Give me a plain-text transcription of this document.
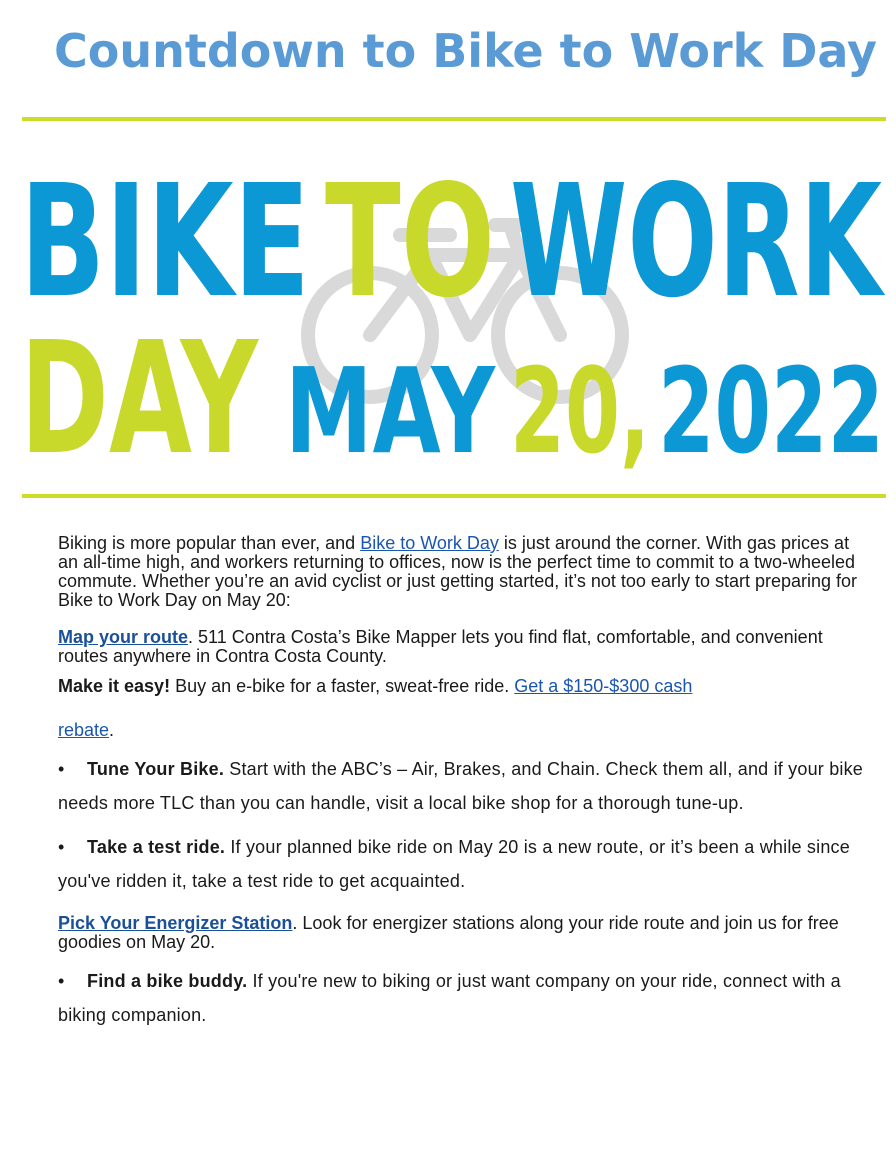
Countdown to Bike to Work Day
BIKE TO WORK
DAY MAY 20, 2022

Biking is more popular than ever, and Bike to Work Day is just around the corner. With gas prices at an all-time high, and workers returning to offices, now is the perfect time to commit to a two-wheeled commute. Whether you’re an avid cyclist or just getting started, it’s not too early to start preparing for Bike to Work Day on May 20:

Map your route. 511 Contra Costa’s Bike Mapper lets you find flat, comfortable, and convenient routes anywhere in Contra Costa County.

Make it easy! Buy an e-bike for a faster, sweat-free ride. Get a $150-$300 cash

rebate.

• Tune Your Bike. Start with the ABC’s – Air, Brakes, and Chain. Check them all, and if your bike needs more TLC than you can handle, visit a local bike shop for a thorough tune-up.

• Take a test ride. If your planned bike ride on May 20 is a new route, or it’s been a while since you've ridden it, take a test ride to get acquainted.

Pick Your Energizer Station. Look for energizer stations along your ride route and join us for free goodies on May 20.

• Find a bike buddy. If you're new to biking or just want company on your ride, connect with a biking companion.
